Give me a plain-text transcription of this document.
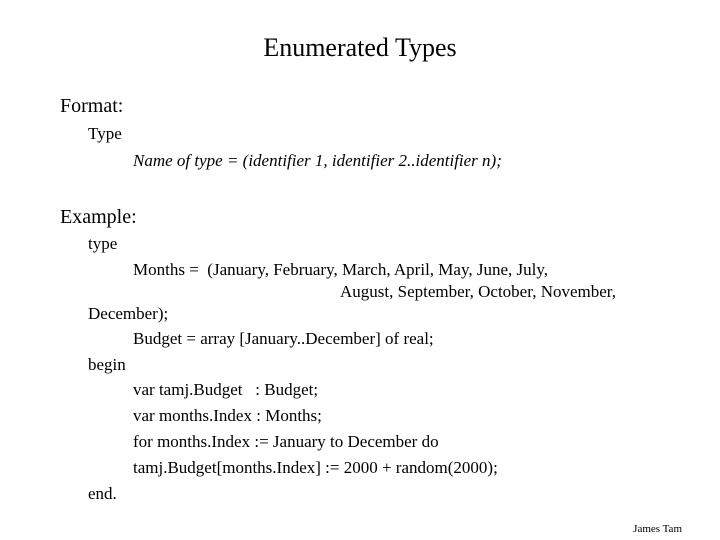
Enumerated Types
Format:
Type
Name of type = (identifier 1, identifier 2..identifier n);
Example:
type
Months =  (January, February, March, April, May, June, July,
August, September, October, November,
December);
Budget = array [January..December] of real;
begin
var tamj.Budget   : Budget;
var months.Index : Months;
for months.Index := January to December do
tamj.Budget[months.Index] := 2000 + random(2000);
end.
James Tam
